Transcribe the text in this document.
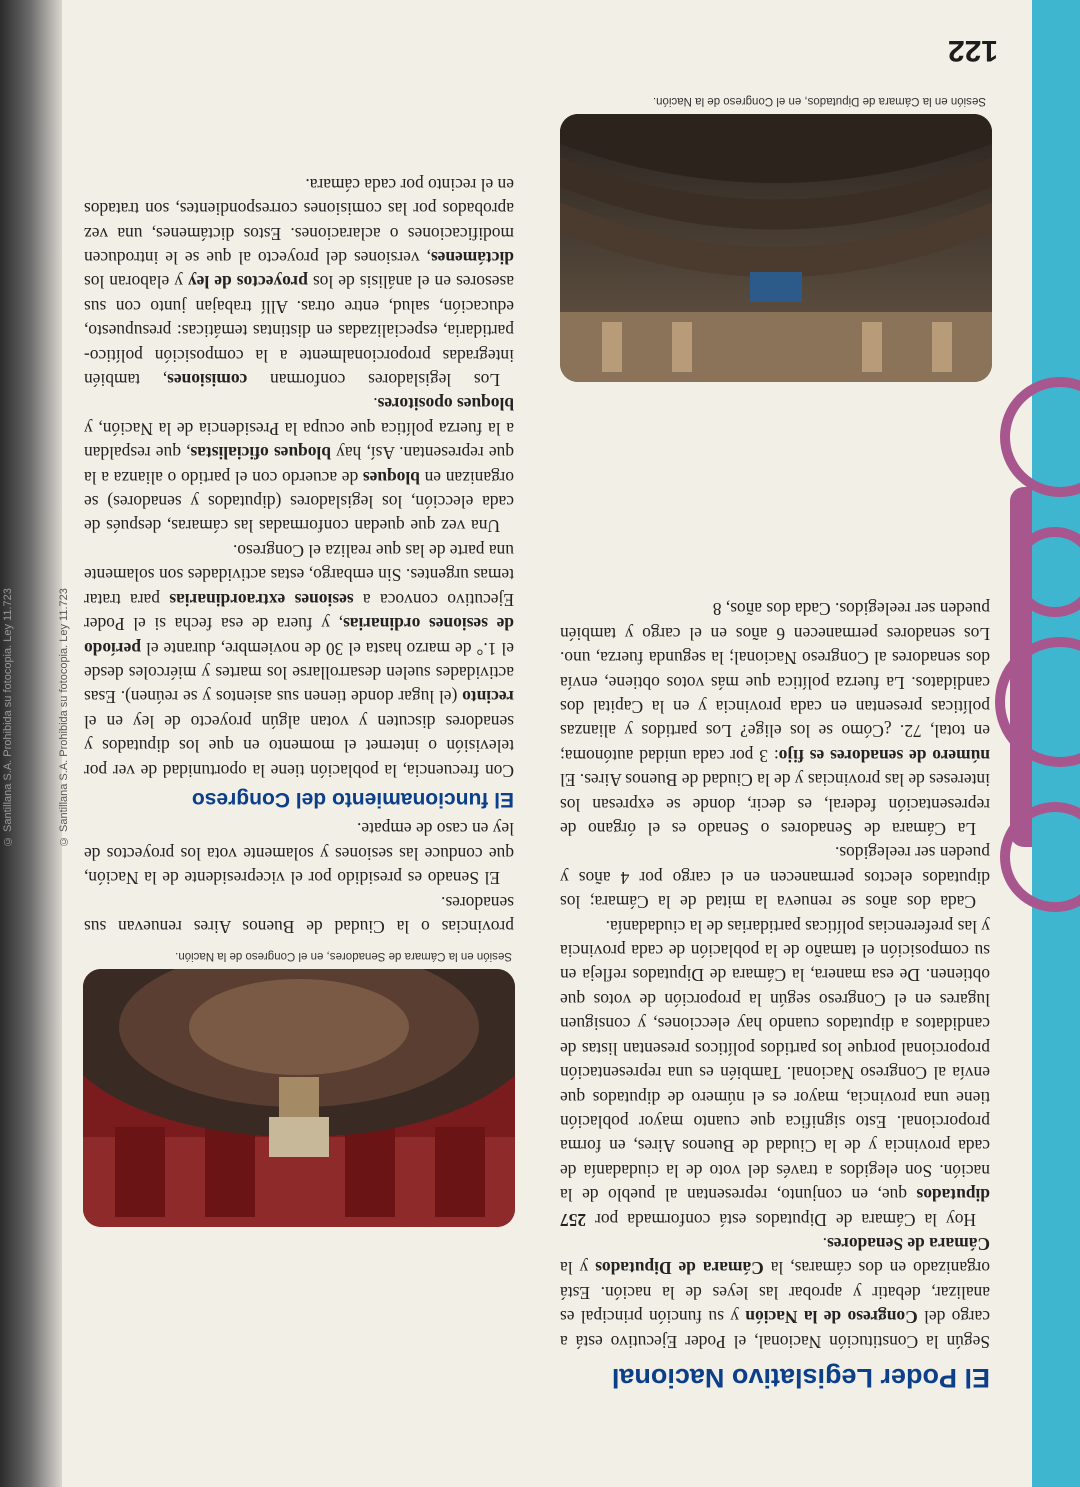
© Santillana S.A. Prohibida su fotocopia. Ley 11.723
© Santillana S.A. Prohibida su fotocopia. Ley 11.723
El Poder Legislativo Nacional

Según la Constitución Nacional, el Poder Ejecutivo está a cargo del Congreso de la Nación y su función principal es analizar, debatir y aprobar las leyes de la nación. Está organizado en dos cámaras, la Cámara de Diputados y la Cámara de Senadores.

Hoy la Cámara de Diputados está conformada por 257 diputados que, en conjunto, representan al pueblo de la nación. Son elegidos a través del voto de la ciudadanía de cada provincia y de la Ciudad de Buenos Aires, en forma proporcional. Esto significa que cuanto mayor población tiene una provincia, mayor es el número de diputados que envía al Congreso Nacional. También es una representación proporcional porque los partidos políticos presentan listas de candidatos a diputados cuando hay elecciones, y consiguen lugares en el Congreso según la proporción de votos que obtienen. De esa manera, la Cámara de Diputados refleja en su composición el tamaño de la población de cada provincia y las preferencias políticas partidarias de la ciudadanía.

Cada dos años se renueva la mitad de la Cámara; los diputados electos permanecen en el cargo por 4 años y pueden ser reelegidos.

La Cámara de Senadores o Senado es el órgano de representación federal, es decir, donde se expresan los intereses de las provincias y de la Ciudad de Buenos Aires. El número de senadores es fijo: 3 por cada unidad autónoma; en total, 72. ¿Cómo se los elige? Los partidos y alianzas políticas presentan en cada provincia y en la Capital dos candidatos. La fuerza política que más votos obtiene, envía dos senadores al Congreso Nacional; la segunda fuerza, uno. Los senadores permanecen 6 años en el cargo y también pueden ser reelegidos. Cada dos años, 8

Sesión en la Cámara de Diputados, en el Congreso de la Nación.
Sesión en la Cámara de Senadores, en el Congreso de la Nación.

provincias o la Ciudad de Buenos Aires renuevan sus senadores.

El Senado es presidido por el vicepresidente de la Nación, que conduce las sesiones y solamente vota los proyectos de ley en caso de empate.

El funcionamiento del Congreso

Con frecuencia, la población tiene la oportunidad de ver por televisión o internet el momento en que los diputados y senadores discuten y votan algún proyecto de ley en el recinto (el lugar donde tienen sus asientos y se reúnen). Esas actividades suelen desarrollarse los martes y miércoles desde el 1.° de marzo hasta el 30 de noviembre, durante el período de sesiones ordinarias, y fuera de esa fecha si el Poder Ejecutivo convoca a sesiones extraordinarias para tratar temas urgentes. Sin embargo, estas actividades son solamente una parte de las que realiza el Congreso.

Una vez que quedan conformadas las cámaras, después de cada elección, los legisladores (diputados y senadores) se organizan en bloques de acuerdo con el partido o alianza a la que representan. Así, hay bloques oficialistas, que respaldan a la fuerza política que ocupa la Presidencia de la Nación, y bloques opositores.

Los legisladores conforman comisiones, también integradas proporcionalmente a la composición político-partidaria, especializadas en distintas temáticas: presupuesto, educación, salud, entre otras. Allí trabajan junto con sus asesores en el análisis de los proyectos de ley y elaboran los dictámenes, versiones del proyecto al que se le introducen modificaciones o aclaraciones. Estos dictámenes, una vez aprobados por las comisiones correspondientes, son tratados en el recinto por cada cámara.

122
